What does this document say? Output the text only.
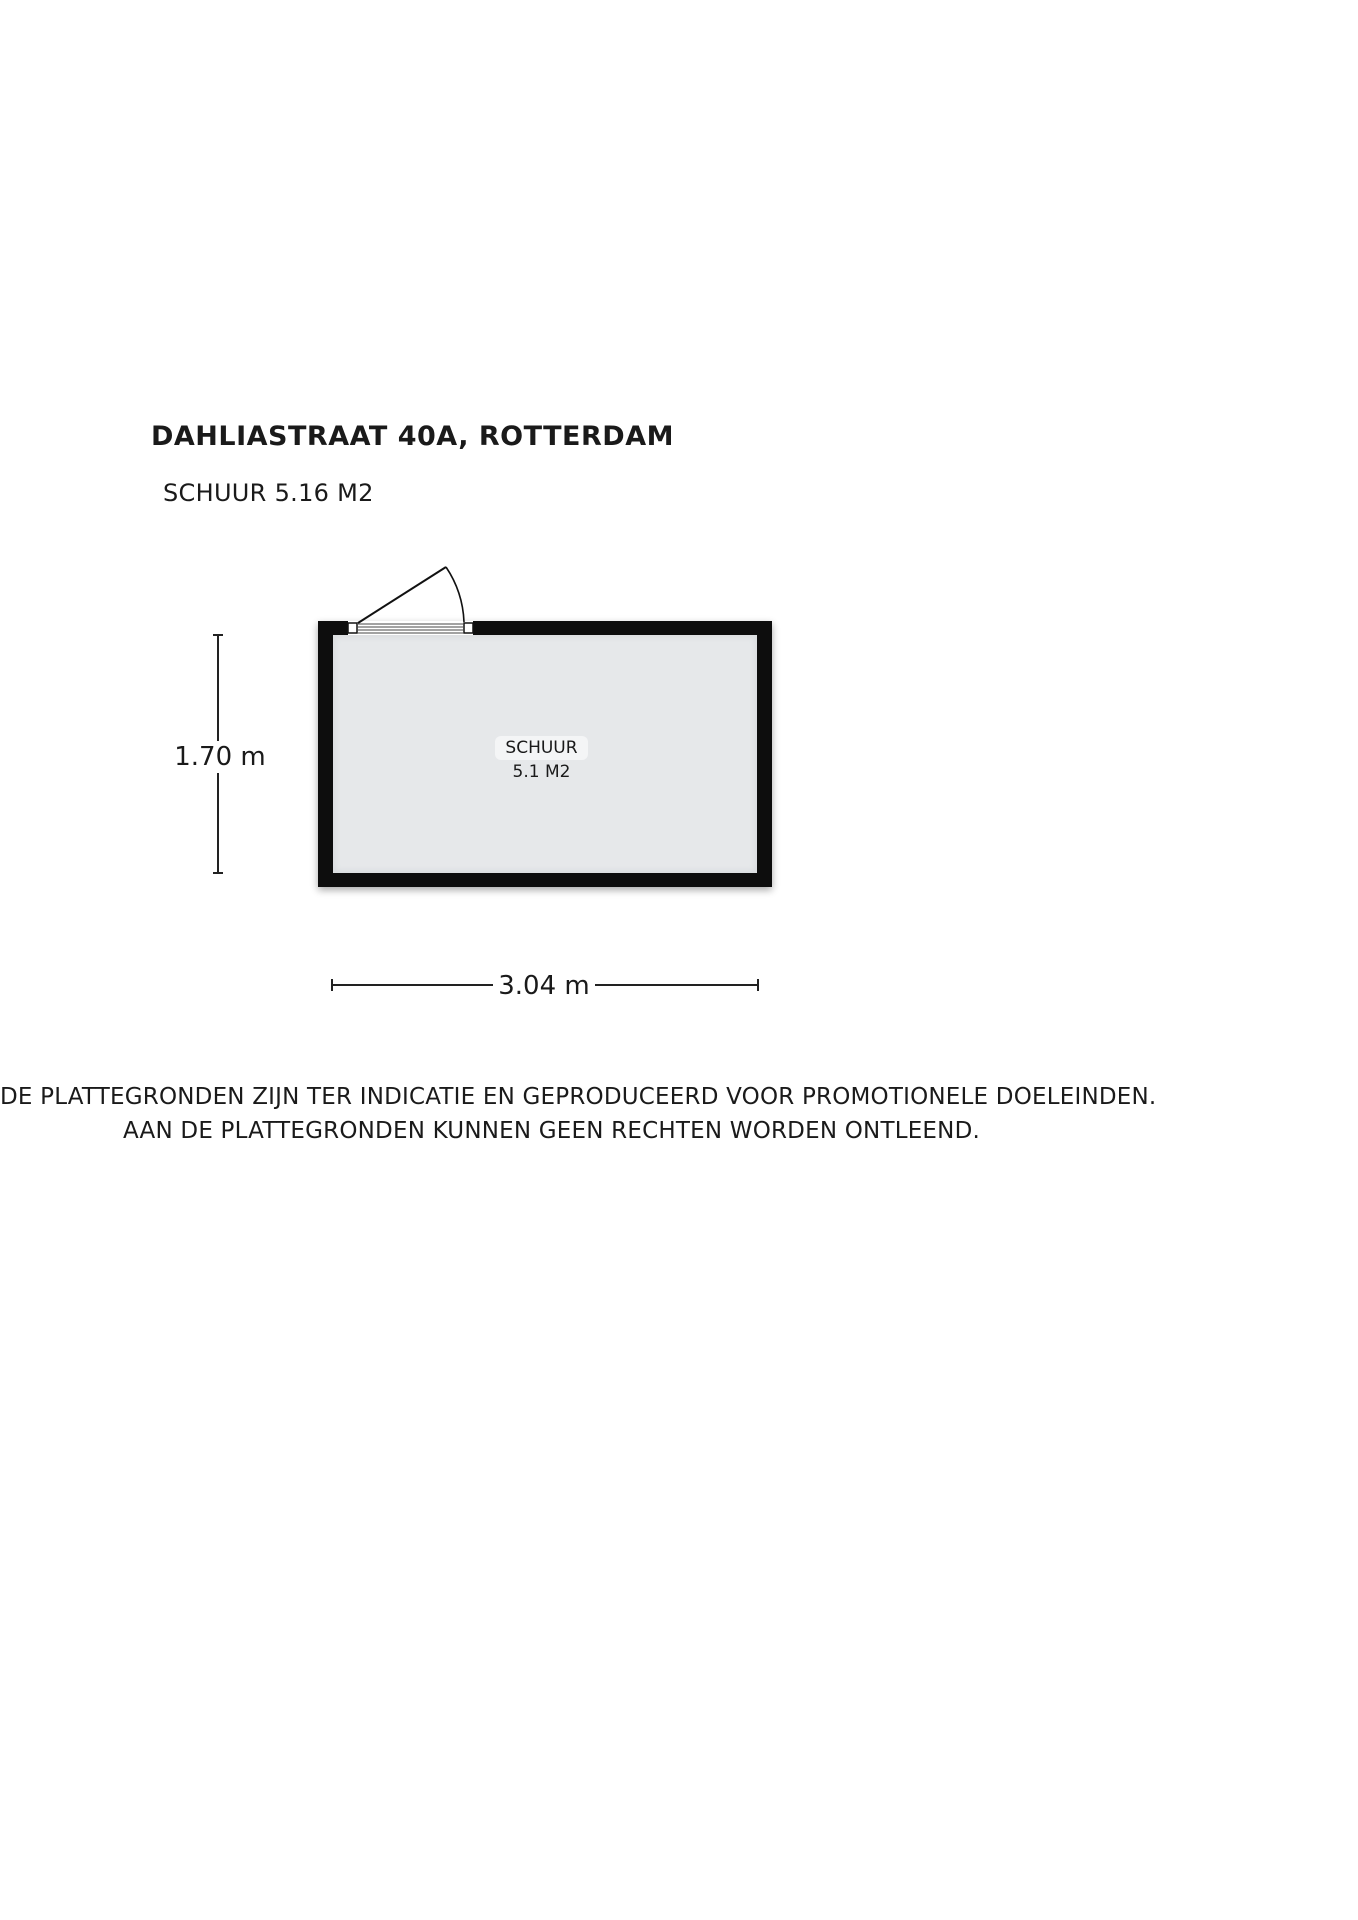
DAHLIASTRAAT 40A, ROTTERDAM
SCHUUR 5.16 M2
SCHUUR
5.1 M2
1.70 m
3.04 m
DE PLATTEGRONDEN ZIJN TER INDICATIE EN GEPRODUCEERD VOOR PROMOTIONELE DOELEINDEN.
AAN DE PLATTEGRONDEN KUNNEN GEEN RECHTEN WORDEN ONTLEEND.
